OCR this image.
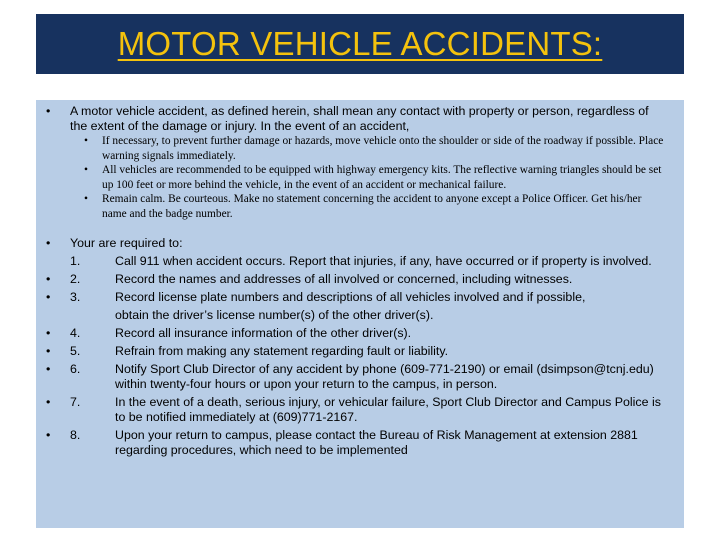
MOTOR VEHICLE ACCIDENTS:
• A motor vehicle accident, as defined herein, shall mean any contact with property or person, regardless of the extent of the damage or injury. In the event of an accident,
• If necessary, to prevent further damage or hazards, move vehicle onto the shoulder or side of the roadway if possible. Place warning signals immediately.
• All vehicles are recommended to be equipped with highway emergency kits. The reflective warning triangles should be set up 100 feet or more behind the vehicle, in the event of an accident or mechanical failure.
• Remain calm. Be courteous. Make no statement concerning the accident to anyone except a Police Officer. Get his/her name and the badge number.
• Your are required to:
1.	Call 911 when accident occurs. Report that injuries, if any, have occurred or if property is involved.
• 2.	Record the names and addresses of all involved or concerned, including witnesses.
• 3.	Record license plate numbers and descriptions of all vehicles involved and if possible,
obtain the driver’s license number(s) of the other driver(s).
• 4.	Record all insurance information of the other driver(s).
• 5.	Refrain from making any statement regarding fault or liability.
• 6.	Notify Sport Club Director of any accident by phone (609-771-2190) or email (dsimpson@tcnj.edu) within twenty-four hours or upon your return to the campus, in person.
• 7.	In the event of a death, serious injury, or vehicular failure, Sport Club Director and Campus Police is to be notified immediately at (609)771-2167.
• 8.	Upon your return to campus, please contact the Bureau of Risk Management at extension 2881 regarding procedures, which need to be implemented
